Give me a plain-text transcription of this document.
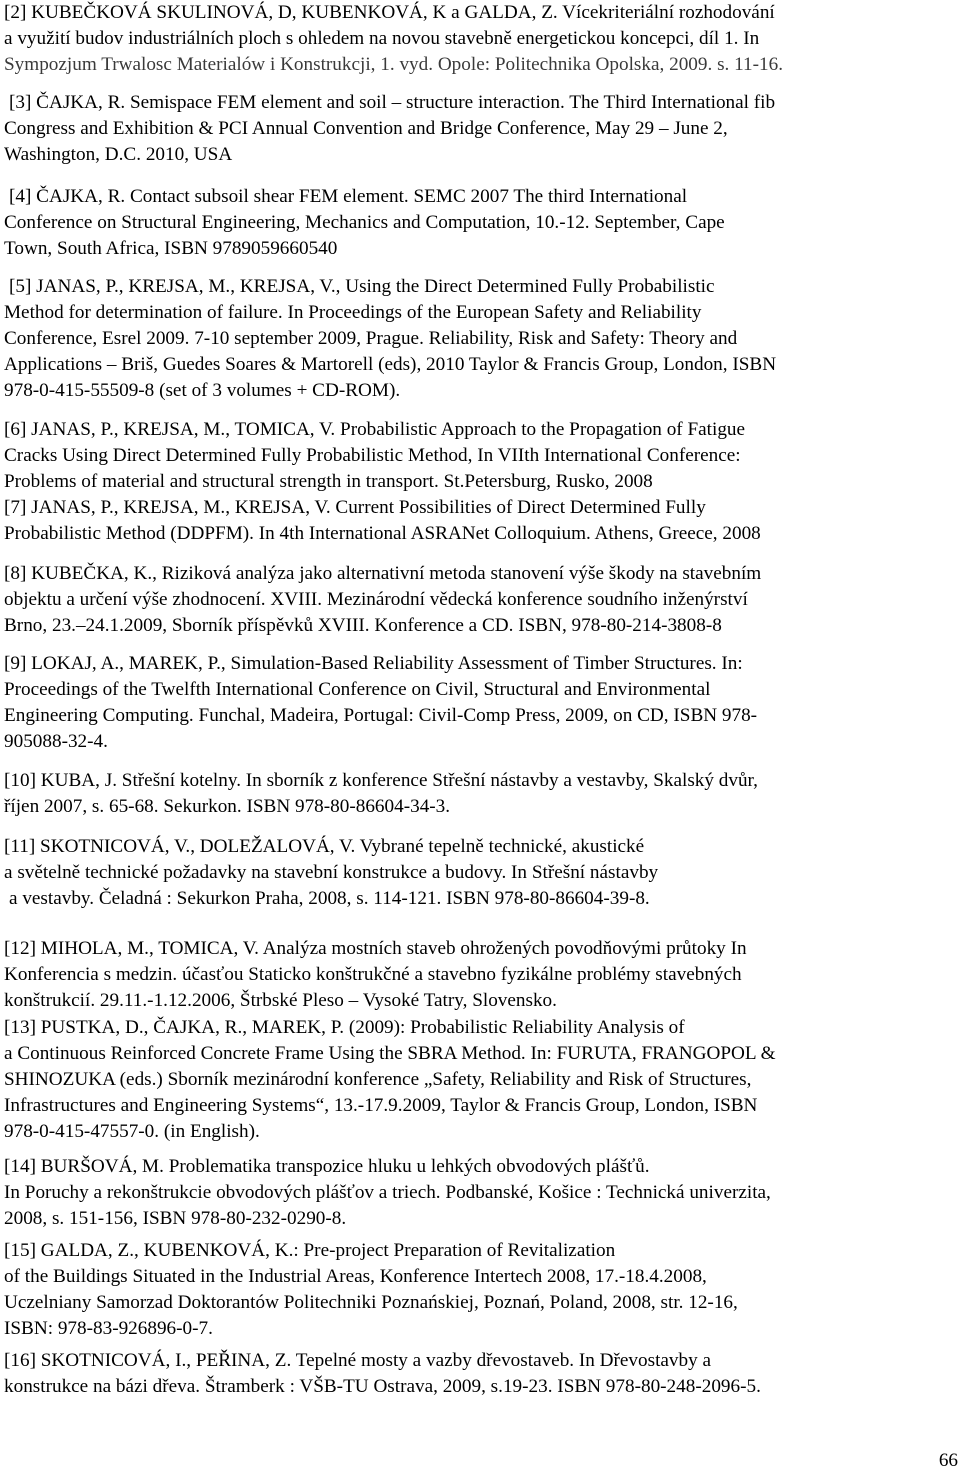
[2] KUBEČKOVÁ SKULINOVÁ, D, KUBENKOVÁ, K a GALDA, Z. Vícekriteriální rozhodování
a využití budov industriálních ploch s ohledem na novou stavebně energetickou koncepci, díl 1. In
Sympozjum Trwalosc Materialów i Konstrukcji, 1. vyd. Opole: Politechnika Opolska, 2009. s. 11-16.
[3] ČAJKA, R. Semispace FEM element and soil – structure interaction. The Third International fib
Congress and Exhibition & PCI Annual Convention and Bridge Conference, May 29 – June 2,
Washington, D.C. 2010, USA
[4] ČAJKA, R. Contact subsoil shear FEM element. SEMC 2007 The third International
Conference on Structural Engineering, Mechanics and Computation, 10.-12. September, Cape
Town, South Africa, ISBN 9789059660540
[5] JANAS, P., KREJSA, M., KREJSA, V., Using the Direct Determined Fully Probabilistic
Method for determination of failure. In Proceedings of the European Safety and Reliability
Conference, Esrel 2009. 7-10 september 2009, Prague. Reliability, Risk and Safety: Theory and
Applications – Briš, Guedes Soares & Martorell (eds), 2010 Taylor & Francis Group, London, ISBN
978-0-415-55509-8 (set of 3 volumes + CD-ROM).
[6] JANAS, P., KREJSA, M., TOMICA, V. Probabilistic Approach to the Propagation of Fatigue
Cracks Using Direct Determined Fully Probabilistic Method, In VIIth International Conference:
Problems of material and structural strength in transport. St.Petersburg, Rusko, 2008
[7] JANAS, P., KREJSA, M., KREJSA, V. Current Possibilities of Direct Determined Fully
Probabilistic Method (DDPFM). In 4th International ASRANet Colloquium. Athens, Greece, 2008
[8] KUBEČKA, K., Riziková analýza jako alternativní metoda stanovení výše škody na stavebním
objektu a určení výše zhodnocení. XVIII. Mezinárodní vědecká konference soudního inženýrství
Brno, 23.–24.1.2009, Sborník příspěvků XVIII. Konference a CD. ISBN, 978-80-214-3808-8
[9] LOKAJ, A., MAREK, P., Simulation-Based Reliability Assessment of Timber Structures. In:
Proceedings of the Twelfth International Conference on Civil, Structural and Environmental
Engineering Computing. Funchal, Madeira, Portugal: Civil-Comp Press, 2009, on CD, ISBN 978-
905088-32-4.
[10] KUBA, J. Střešní kotelny. In sborník z konference Střešní nástavby a vestavby, Skalský dvůr,
říjen 2007, s. 65-68. Sekurkon. ISBN 978-80-86604-34-3.
[11] SKOTNICOVÁ, V., DOLEŽALOVÁ, V. Vybrané tepelně technické, akustické
a světelně technické požadavky na stavební konstrukce a budovy. In Střešní nástavby
a vestavby. Čeladná : Sekurkon Praha, 2008, s. 114-121. ISBN 978-80-86604-39-8.
[12] MIHOLA, M., TOMICA, V. Analýza mostních staveb ohrožených povodňovými průtoky In
Konferencia s medzin. účasťou Staticko konštrukčné a stavebno fyzikálne problémy stavebných
konštrukcií. 29.11.-1.12.2006, Štrbské Pleso – Vysoké Tatry, Slovensko.
[13] PUSTKA, D., ČAJKA, R., MAREK, P. (2009): Probabilistic Reliability Analysis of
a Continuous Reinforced Concrete Frame Using the SBRA Method. In: FURUTA, FRANGOPOL &
SHINOZUKA (eds.) Sborník mezinárodní konference „Safety, Reliability and Risk of Structures,
Infrastructures and Engineering Systems“, 13.-17.9.2009, Taylor & Francis Group, London, ISBN
978-0-415-47557-0. (in English).
[14] BURŠOVÁ, M. Problematika transpozice hluku u lehkých obvodových plášťů.
In Poruchy a rekonštrukcie obvodových plášťov a triech. Podbanské, Košice : Technická univerzita,
2008, s. 151-156, ISBN 978-80-232-0290-8.
[15] GALDA, Z., KUBENKOVÁ, K.: Pre-project Preparation of Revitalization
of the Buildings Situated in the Industrial Areas, Konference Intertech 2008, 17.-18.4.2008,
Uczelniany Samorzad Doktorantów Politechniki Poznańskiej, Poznań, Poland, 2008, str. 12-16,
ISBN: 978-83-926896-0-7.
[16] SKOTNICOVÁ, I., PEŘINA, Z. Tepelné mosty a vazby dřevostaveb. In Dřevostavby a
konstrukce na bázi dřeva. Štramberk : VŠB-TU Ostrava, 2009, s.19-23. ISBN 978-80-248-2096-5.
66
